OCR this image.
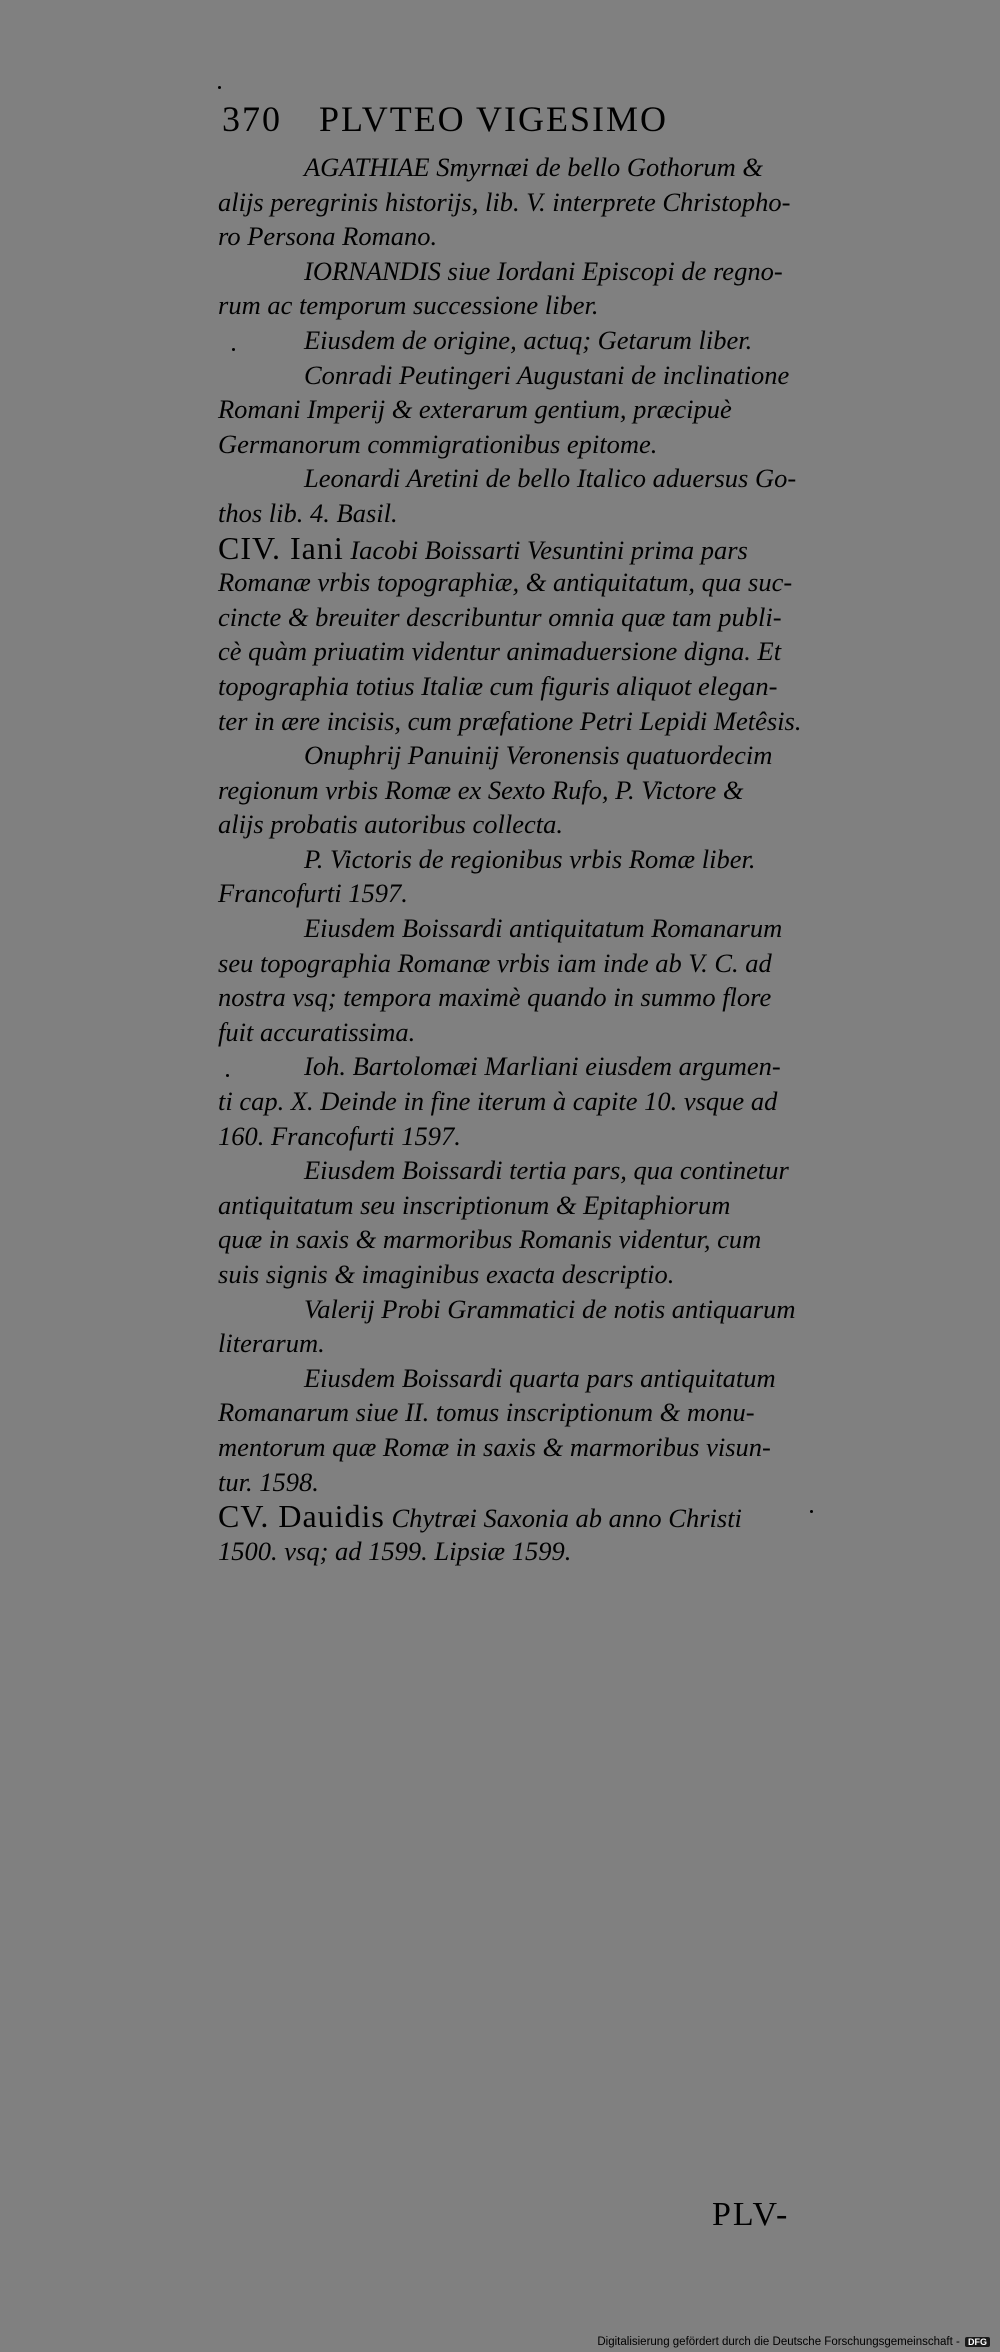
370 PLVTEO VIGESIMO
AGATHIAE Smyrnæi de bello Gothorum &
alijs peregrinis historijs, lib. V. interprete Christopho-
ro Persona Romano.
IORNANDIS siue Iordani Episcopi de regno-
rum ac temporum successione liber.
Eiusdem de origine, actuq; Getarum liber.
Conradi Peutingeri Augustani de inclinatione
Romani Imperij & exterarum gentium, præcipuè
Germanorum commigrationibus epitome.
Leonardi Aretini de bello Italico aduersus Go-
thos lib. 4. Basil.
CIV. Iani Iacobi Boissarti Vesuntini prima pars
Romanæ vrbis topographiæ, & antiquitatum, qua suc-
cincte & breuiter describuntur omnia quæ tam publi-
cè quàm priuatim videntur animaduersione digna. Et
topographia totius Italiæ cum figuris aliquot elegan-
ter in ære incisis, cum præfatione Petri Lepidi Metêsis.
Onuphrij Panuinij Veronensis quatuordecim
regionum vrbis Romæ ex Sexto Rufo, P. Victore &
alijs probatis autoribus collecta.
P. Victoris de regionibus vrbis Romæ liber.
Francofurti 1597.
Eiusdem Boissardi antiquitatum Romanarum
seu topographia Romanæ vrbis iam inde ab V. C. ad
nostra vsq; tempora maximè quando in summo flore
fuit accuratissima.
Ioh. Bartolomæi Marliani eiusdem argumen-
ti cap. X. Deinde in fine iterum à capite 10. vsque ad
160. Francofurti 1597.
Eiusdem Boissardi tertia pars, qua continetur
antiquitatum seu inscriptionum & Epitaphiorum
quæ in saxis & marmoribus Romanis videntur, cum
suis signis & imaginibus exacta descriptio.
Valerij Probi Grammatici de notis antiquarum
literarum.
Eiusdem Boissardi quarta pars antiquitatum
Romanarum siue II. tomus inscriptionum & monu-
mentorum quæ Romæ in saxis & marmoribus visun-
tur. 1598.
CV. Dauidis Chytræi Saxonia ab anno Christi
1500. vsq; ad 1599. Lipsiæ 1599.
PLV-
Digitalisierung gefördert durch die Deutsche Forschungsgemeinschaft - DFG
